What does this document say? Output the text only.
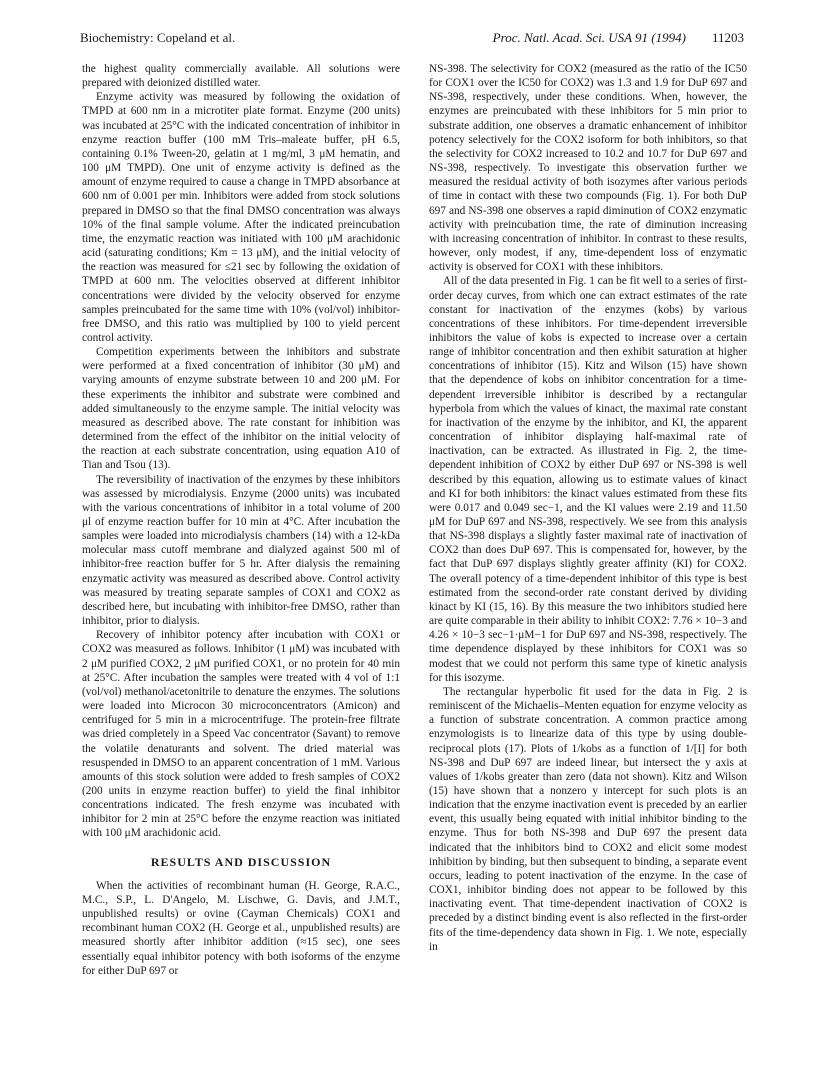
Biochemistry: Copeland et al.	Proc. Natl. Acad. Sci. USA 91 (1994) 11203

the highest quality commercially available. All solutions were prepared with deionized distilled water.

Enzyme activity was measured by following the oxidation of TMPD at 600 nm in a microtiter plate format. Enzyme (200 units) was incubated at 25°C with the indicated concentration of inhibitor in enzyme reaction buffer (100 mM Tris–maleate buffer, pH 6.5, containing 0.1% Tween-20, gelatin at 1 mg/ml, 3 μM hematin, and 100 μM TMPD). One unit of enzyme activity is defined as the amount of enzyme required to cause a change in TMPD absorbance at 600 nm of 0.001 per min. Inhibitors were added from stock solutions prepared in DMSO so that the final DMSO concentration was always 10% of the final sample volume. After the indicated preincubation time, the enzymatic reaction was initiated with 100 μM arachidonic acid (saturating conditions; Km = 13 μM), and the initial velocity of the reaction was measured for ≤21 sec by following the oxidation of TMPD at 600 nm. The velocities observed at different inhibitor concentrations were divided by the velocity observed for enzyme samples preincubated for the same time with 10% (vol/vol) inhibitor-free DMSO, and this ratio was multiplied by 100 to yield percent control activity.

Competition experiments between the inhibitors and substrate were performed at a fixed concentration of inhibitor (30 μM) and varying amounts of enzyme substrate between 10 and 200 μM. For these experiments the inhibitor and substrate were combined and added simultaneously to the enzyme sample. The initial velocity was measured as described above. The rate constant for inhibition was determined from the effect of the inhibitor on the initial velocity of the reaction at each substrate concentration, using equation A10 of Tian and Tsou (13).

The reversibility of inactivation of the enzymes by these inhibitors was assessed by microdialysis. Enzyme (2000 units) was incubated with the various concentrations of inhibitor in a total volume of 200 μl of enzyme reaction buffer for 10 min at 4°C. After incubation the samples were loaded into microdialysis chambers (14) with a 12-kDa molecular mass cutoff membrane and dialyzed against 500 ml of inhibitor-free reaction buffer for 5 hr. After dialysis the remaining enzymatic activity was measured as described above. Control activity was measured by treating separate samples of COX1 and COX2 as described here, but incubating with inhibitor-free DMSO, rather than inhibitor, prior to dialysis.

Recovery of inhibitor potency after incubation with COX1 or COX2 was measured as follows. Inhibitor (1 μM) was incubated with 2 μM purified COX2, 2 μM purified COX1, or no protein for 40 min at 25°C. After incubation the samples were treated with 4 vol of 1:1 (vol/vol) methanol/acetonitrile to denature the enzymes. The solutions were loaded into Microcon 30 microconcentrators (Amicon) and centrifuged for 5 min in a microcentrifuge. The protein-free filtrate was dried completely in a Speed Vac concentrator (Savant) to remove the volatile denaturants and solvent. The dried material was resuspended in DMSO to an apparent concentration of 1 mM. Various amounts of this stock solution were added to fresh samples of COX2 (200 units in enzyme reaction buffer) to yield the final inhibitor concentrations indicated. The fresh enzyme was incubated with inhibitor for 2 min at 25°C before the enzyme reaction was initiated with 100 μM arachidonic acid.

RESULTS AND DISCUSSION

When the activities of recombinant human (H. George, R.A.C., M.C., S.P., L. D'Angelo, M. Lischwe, G. Davis, and J.M.T., unpublished results) or ovine (Cayman Chemicals) COX1 and recombinant human COX2 (H. George et al., unpublished results) are measured shortly after inhibitor addition (≈15 sec), one sees essentially equal inhibitor potency with both isoforms of the enzyme for either DuP 697 or

NS-398. The selectivity for COX2 (measured as the ratio of the IC50 for COX1 over the IC50 for COX2) was 1.3 and 1.9 for DuP 697 and NS-398, respectively, under these conditions. When, however, the enzymes are preincubated with these inhibitors for 5 min prior to substrate addition, one observes a dramatic enhancement of inhibitor potency selectively for the COX2 isoform for both inhibitors, so that the selectivity for COX2 increased to 10.2 and 10.7 for DuP 697 and NS-398, respectively. To investigate this observation further we measured the residual activity of both isozymes after various periods of time in contact with these two compounds (Fig. 1). For both DuP 697 and NS-398 one observes a rapid diminution of COX2 enzymatic activity with preincubation time, the rate of diminution increasing with increasing concentration of inhibitor. In contrast to these results, however, only modest, if any, time-dependent loss of enzymatic activity is observed for COX1 with these inhibitors.

All of the data presented in Fig. 1 can be fit well to a series of first-order decay curves, from which one can extract estimates of the rate constant for inactivation of the enzymes (kobs) by various concentrations of these inhibitors. For time-dependent irreversible inhibitors the value of kobs is expected to increase over a certain range of inhibitor concentration and then exhibit saturation at higher concentrations of inhibitor (15). Kitz and Wilson (15) have shown that the dependence of kobs on inhibitor concentration for a time-dependent irreversible inhibitor is described by a rectangular hyperbola from which the values of kinact, the maximal rate constant for inactivation of the enzyme by the inhibitor, and KI, the apparent concentration of inhibitor displaying half-maximal rate of inactivation, can be extracted. As illustrated in Fig. 2, the time-dependent inhibition of COX2 by either DuP 697 or NS-398 is well described by this equation, allowing us to estimate values of kinact and KI for both inhibitors: the kinact values estimated from these fits were 0.017 and 0.049 sec−1, and the KI values were 2.19 and 11.50 μM for DuP 697 and NS-398, respectively. We see from this analysis that NS-398 displays a slightly faster maximal rate of inactivation of COX2 than does DuP 697. This is compensated for, however, by the fact that DuP 697 displays slightly greater affinity (KI) for COX2. The overall potency of a time-dependent inhibitor of this type is best estimated from the second-order rate constant derived by dividing kinact by KI (15, 16). By this measure the two inhibitors studied here are quite comparable in their ability to inhibit COX2: 7.76 × 10−3 and 4.26 × 10−3 sec−1·μM−1 for DuP 697 and NS-398, respectively. The time dependence displayed by these inhibitors for COX1 was so modest that we could not perform this same type of kinetic analysis for this isozyme.

The rectangular hyperbolic fit used for the data in Fig. 2 is reminiscent of the Michaelis–Menten equation for enzyme velocity as a function of substrate concentration. A common practice among enzymologists is to linearize data of this type by using double-reciprocal plots (17). Plots of 1/kobs as a function of 1/[I] for both NS-398 and DuP 697 are indeed linear, but intersect the y axis at values of 1/kobs greater than zero (data not shown). Kitz and Wilson (15) have shown that a nonzero y intercept for such plots is an indication that the enzyme inactivation event is preceded by an earlier event, this usually being equated with initial inhibitor binding to the enzyme. Thus for both NS-398 and DuP 697 the present data indicated that the inhibitors bind to COX2 and elicit some modest inhibition by binding, but then subsequent to binding, a separate event occurs, leading to potent inactivation of the enzyme. In the case of COX1, inhibitor binding does not appear to be followed by this inactivating event. That time-dependent inactivation of COX2 is preceded by a distinct binding event is also reflected in the first-order fits of the time-dependency data shown in Fig. 1. We note, especially in
